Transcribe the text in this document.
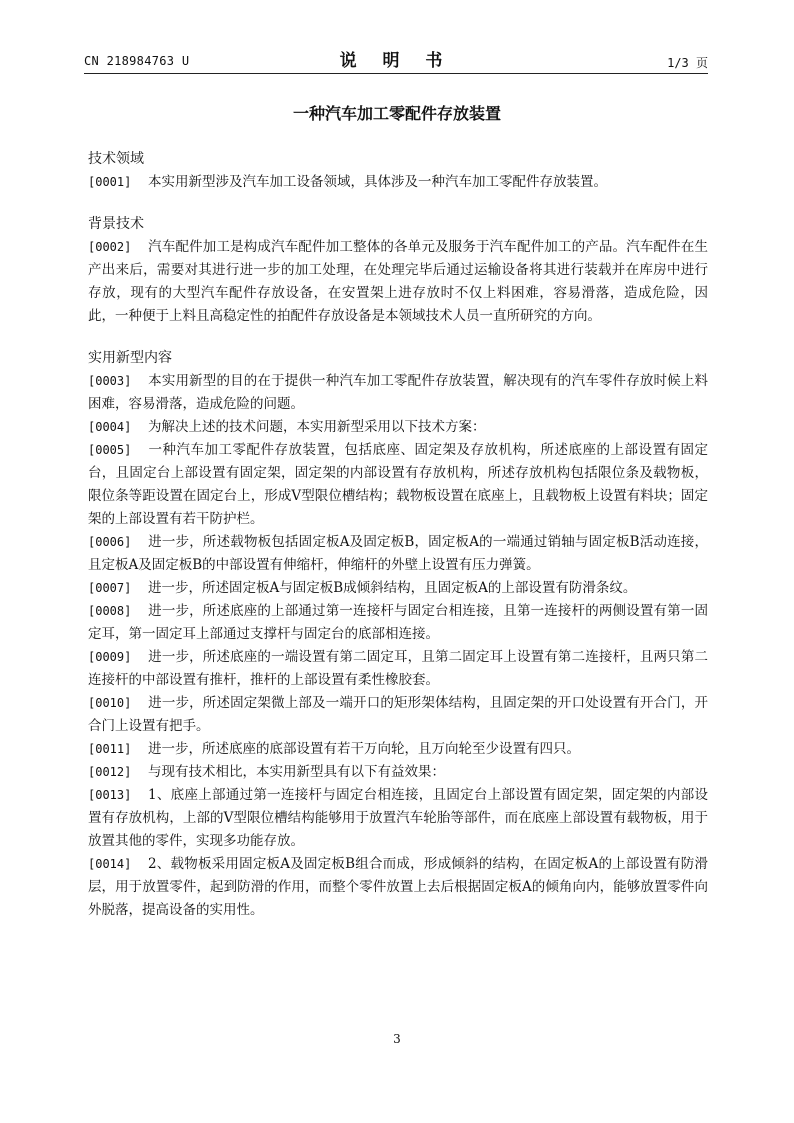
CN 218984763 U	说 明 书	1/3 页
一种汽车加工零配件存放装置
技术领域
[0001] 本实用新型涉及汽车加工设备领域，具体涉及一种汽车加工零配件存放装置。
背景技术
[0002] 汽车配件加工是构成汽车配件加工整体的各单元及服务于汽车配件加工的产品。汽车配件在生产出来后，需要对其进行进一步的加工处理，在处理完毕后通过运输设备将其进行装载并在库房中进行存放，现有的大型汽车配件存放设备，在安置架上进存放时不仅上料困难，容易滑落，造成危险，因此，一种便于上料且高稳定性的拍配件存放设备是本领域技术人员一直所研究的方向。
实用新型内容
[0003] 本实用新型的目的在于提供一种汽车加工零配件存放装置，解决现有的汽车零件存放时候上料困难，容易滑落，造成危险的问题。
[0004] 为解决上述的技术问题，本实用新型采用以下技术方案：
[0005] 一种汽车加工零配件存放装置，包括底座、固定架及存放机构，所述底座的上部设置有固定台，且固定台上部设置有固定架，固定架的内部设置有存放机构，所述存放机构包括限位条及载物板，限位条等距设置在固定台上，形成V型限位槽结构；载物板设置在底座上，且载物板上设置有料块；固定架的上部设置有若干防护栏。
[0006] 进一步，所述载物板包括固定板A及固定板B，固定板A的一端通过销轴与固定板B活动连接，且定板A及固定板B的中部设置有伸缩杆，伸缩杆的外壁上设置有压力弹簧。
[0007] 进一步，所述固定板A与固定板B成倾斜结构，且固定板A的上部设置有防滑条纹。
[0008] 进一步，所述底座的上部通过第一连接杆与固定台相连接，且第一连接杆的两侧设置有第一固定耳，第一固定耳上部通过支撑杆与固定台的底部相连接。
[0009] 进一步，所述底座的一端设置有第二固定耳，且第二固定耳上设置有第二连接杆，且两只第二连接杆的中部设置有推杆，推杆的上部设置有柔性橡胶套。
[0010] 进一步，所述固定架微上部及一端开口的矩形架体结构，且固定架的开口处设置有开合门，开合门上设置有把手。
[0011] 进一步，所述底座的底部设置有若干万向轮，且万向轮至少设置有四只。
[0012] 与现有技术相比，本实用新型具有以下有益效果：
[0013] 1、底座上部通过第一连接杆与固定台相连接，且固定台上部设置有固定架，固定架的内部设置有存放机构，上部的V型限位槽结构能够用于放置汽车轮胎等部件，而在底座上部设置有载物板，用于放置其他的零件，实现多功能存放。
[0014] 2、载物板采用固定板A及固定板B组合而成，形成倾斜的结构，在固定板A的上部设置有防滑层，用于放置零件，起到防滑的作用，而整个零件放置上去后根据固定板A的倾角向内，能够放置零件向外脱落，提高设备的实用性。
3
